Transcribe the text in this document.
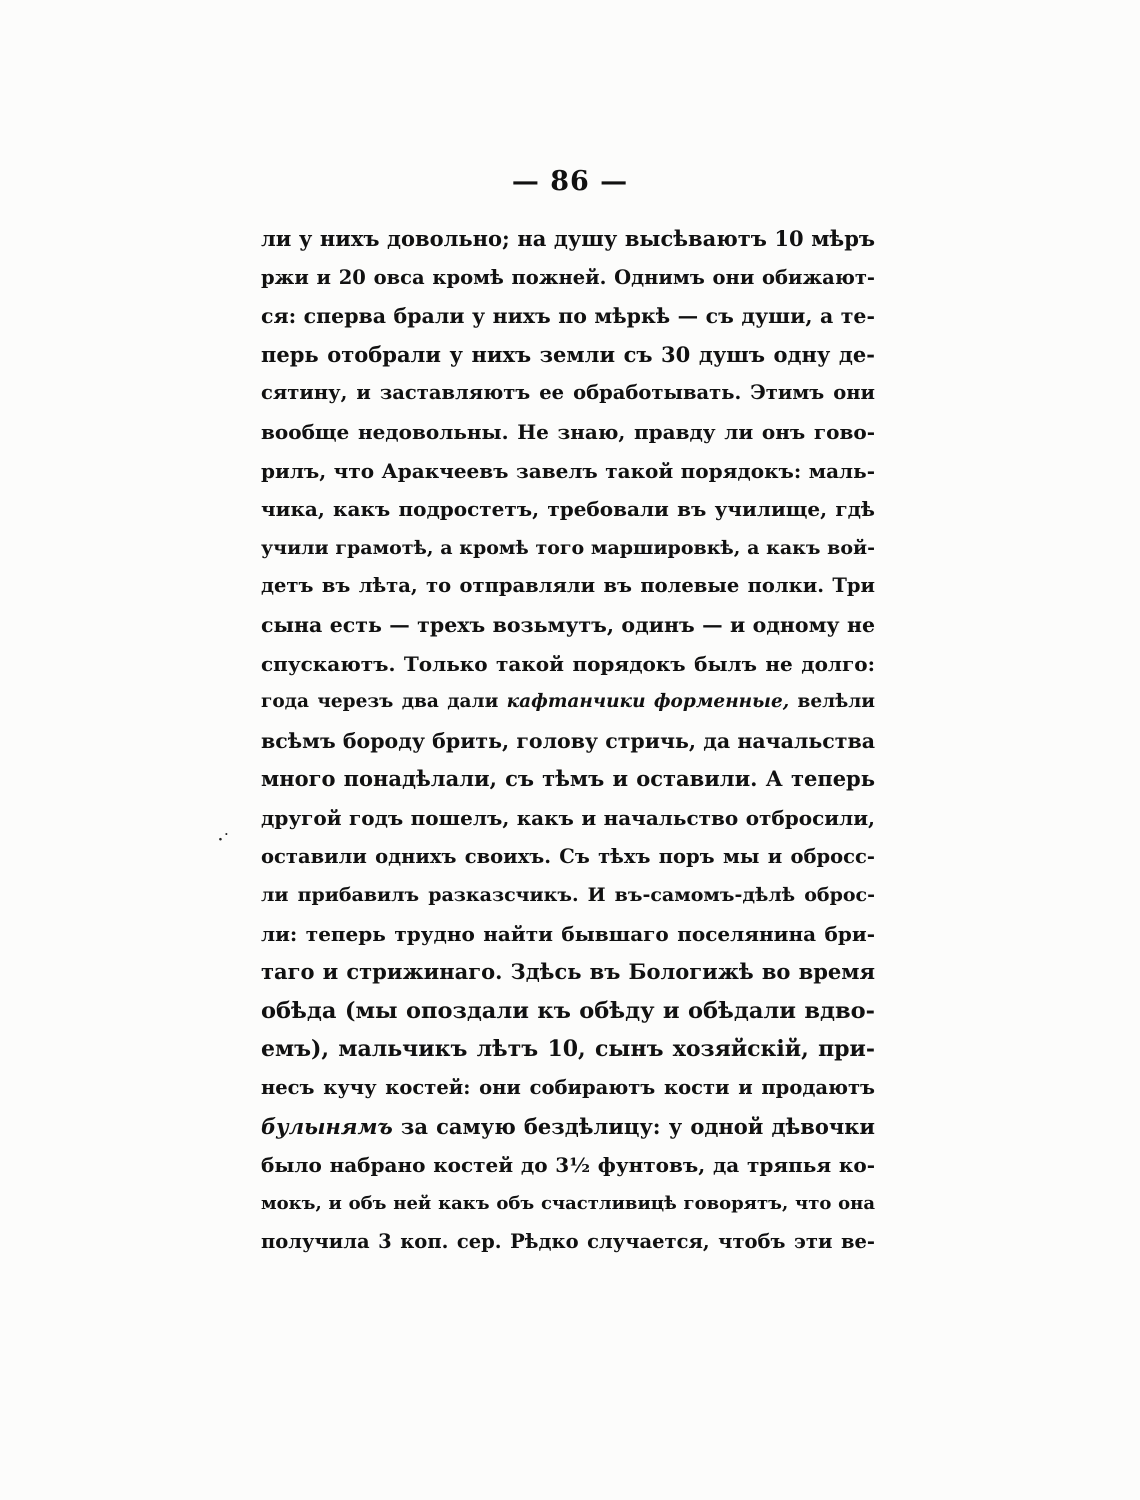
— 86 —
·˙
ли у нихъ довольно; на душу высѣваютъ 10 мѣръ
ржи и 20 овса кромѣ пожней. Однимъ они обижают-
ся: сперва брали у нихъ по мѣркѣ — съ души, а те-
перь отобрали у нихъ земли съ 30 душъ одну де-
сятину, и заставляютъ ее обработывать. Этимъ они
вообще недовольны. Не знаю, правду ли онъ гово-
рилъ, что Аракчеевъ завелъ такой порядокъ: маль-
чика, какъ подростетъ, требовали въ училище, гдѣ
учили грамотѣ, а кромѣ того маршировкѣ, а какъ вой-
детъ въ лѣта, то отправляли въ полевые полки. Три
сына есть — трехъ возьмутъ, одинъ — и одному не
спускаютъ. Только такой порядокъ былъ не долго:
года черезъ два дали кафтанчики форменные, велѣли
всѣмъ бороду брить, голову стричь, да начальства
много понадѣлали, съ тѣмъ и оставили. А теперь
другой годъ пошелъ, какъ и начальство отбросили,
оставили однихъ своихъ. Съ тѣхъ поръ мы и обросс-
ли прибавилъ разказсчикъ. И въ-самомъ-дѣлѣ оброс-
ли: теперь трудно найти бывшаго поселянина бри-
таго и стрижинаго. Здѣсь въ Бологижѣ во время
обѣда (мы опоздали къ обѣду и обѣдали вдво-
емъ), мальчикъ лѣтъ 10, сынъ хозяйскій, при-
несъ кучу костей: они собираютъ кости и продаютъ
булынямъ за самую бездѣлицу: у одной дѣвочки
было набрано костей до 3½ фунтовъ, да тряпья ко-
мокъ, и объ ней какъ объ счастливицѣ говорятъ, что она
получила 3 коп. сер. Рѣдко случается, чтобъ эти ве-
